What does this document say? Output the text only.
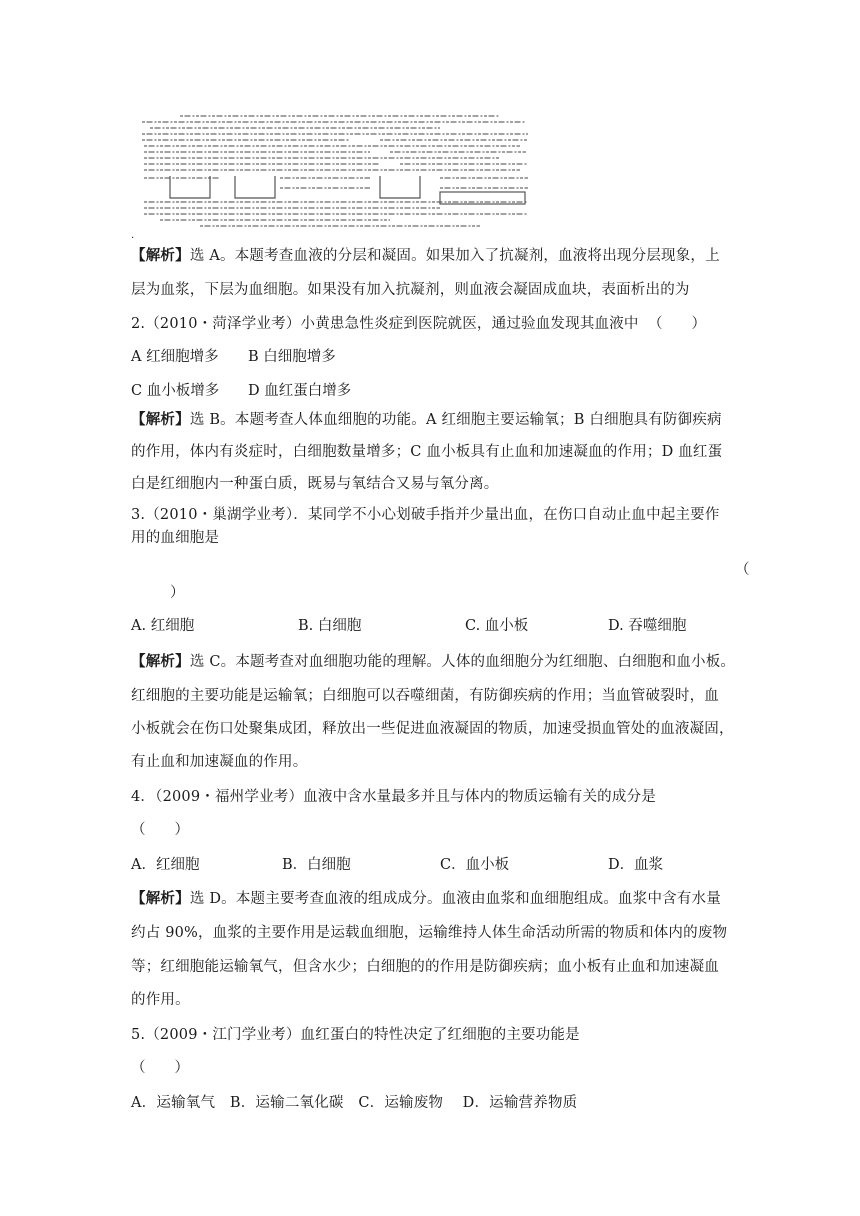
.
【解析】选 A。本题考查血液的分层和凝固。如果加入了抗凝剂，血液将出现分层现象，上
层为血浆，下层为血细胞。如果没有加入抗凝剂，则血液会凝固成血块，表面析出的为
2.（2010・菏泽学业考）小黄患急性炎症到医院就医，通过验血发现其血液中 （　　）
A 红细胞增多 B 白细胞增多
C 血小板增多 D 血红蛋白增多
【解析】选 B。本题考查人体血细胞的功能。A 红细胞主要运输氧；B 白细胞具有防御疾病
的作用，体内有炎症时，白细胞数量增多；C 血小板具有止血和加速凝血的作用；D 血红蛋
白是红细胞内一种蛋白质，既易与氧结合又易与氧分离。
3.（2010・巢湖学业考）．某同学不小心划破手指并少量出血，在伤口自动止血中起主要作
用的血细胞是
（
）
A. 红细胞	B. 白细胞	C. 血小板	D. 吞噬细胞
【解析】选 C。本题考查对血细胞功能的理解。人体的血细胞分为红细胞、白细胞和血小板。
红细胞的主要功能是运输氧；白细胞可以吞噬细菌，有防御疾病的作用；当血管破裂时，血
小板就会在伤口处聚集成团，释放出一些促进血液凝固的物质，加速受损血管处的血液凝固，
有止血和加速凝血的作用。
4．（2009・福州学业考）血液中含水量最多并且与体内的物质运输有关的成分是
（　　）
A．红细胞	B．白细胞	C．血小板	D．血浆
【解析】选 D。本题主要考查血液的组成成分。血液由血浆和血细胞组成。血浆中含有水量
约占 90%，血浆的主要作用是运载血细胞，运输维持人体生命活动所需的物质和体内的废物
等；红细胞能运输氧气，但含水少；白细胞的的作用是防御疾病；血小板有止血和加速凝血
的作用。
5.（2009・江门学业考）血红蛋白的特性决定了红细胞的主要功能是
（　　）
A．运输氧气　B．运输二氧化碳　C．运输废物　 D．运输营养物质
